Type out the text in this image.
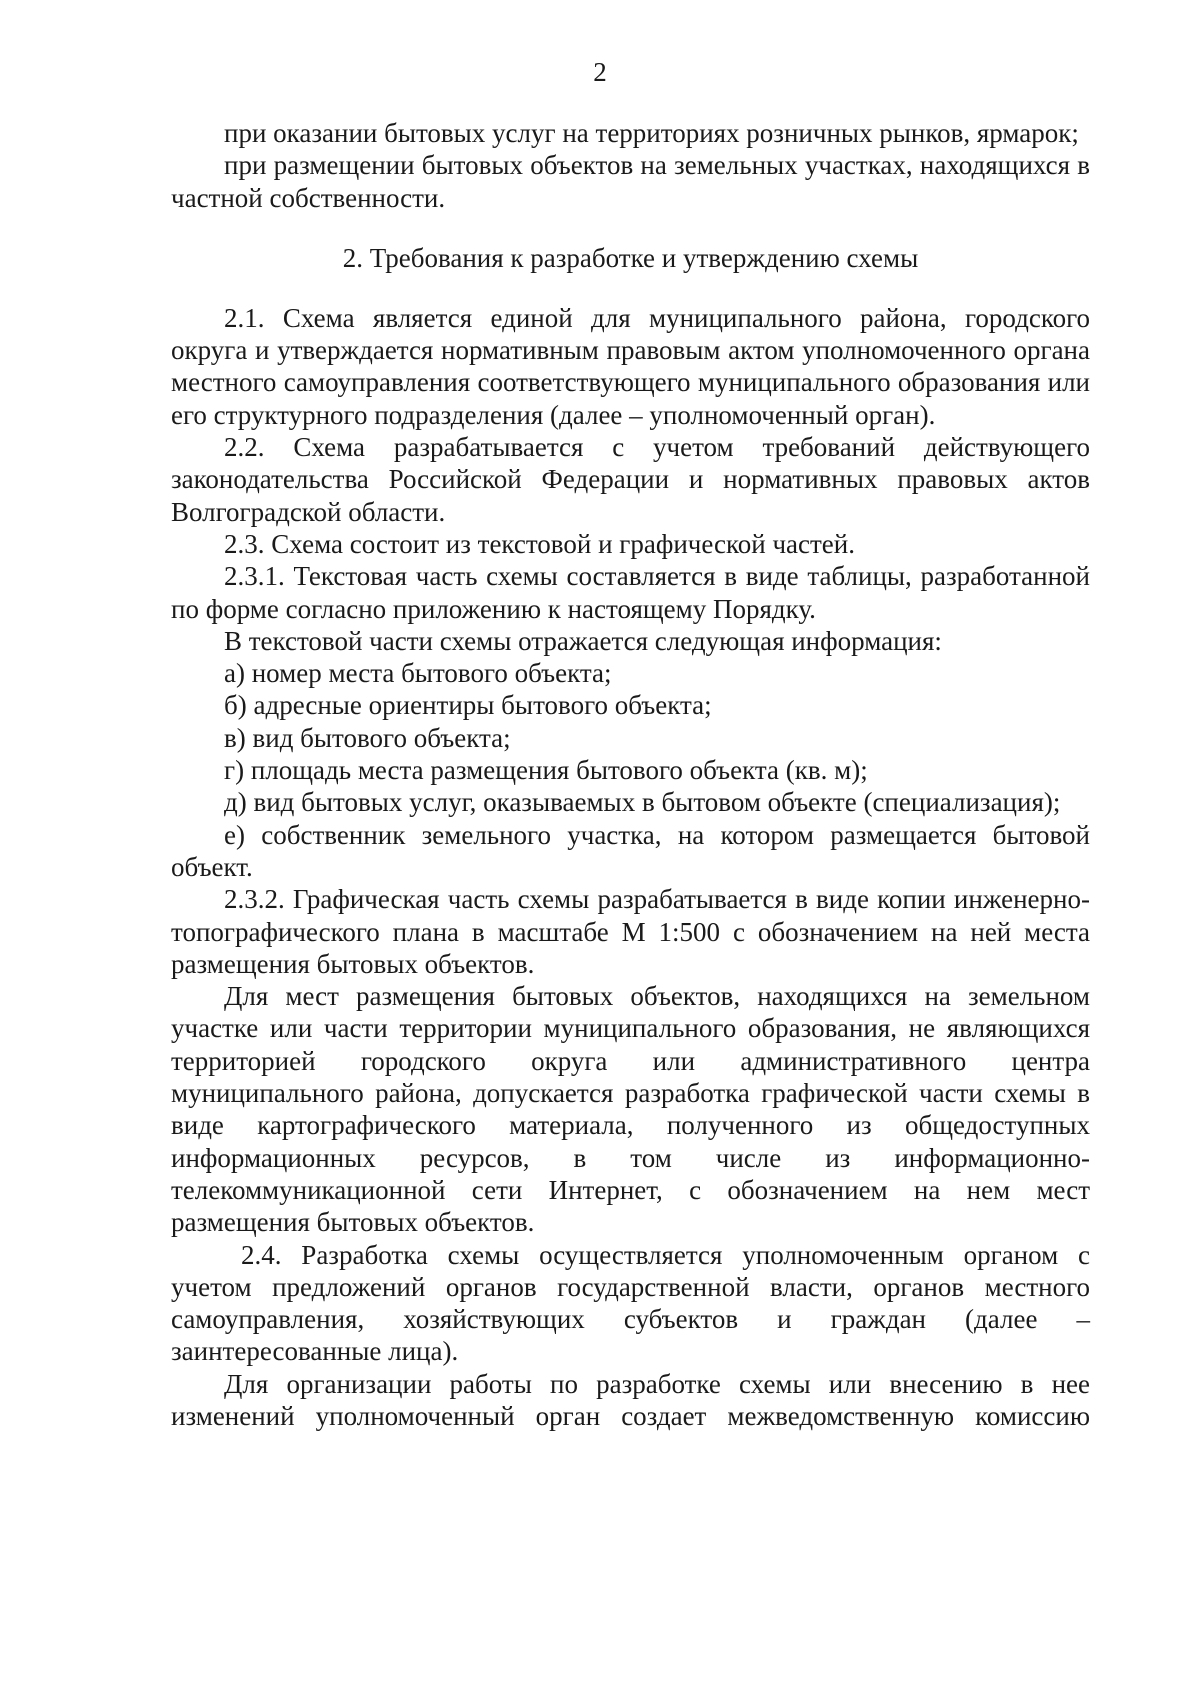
2

при оказании бытовых услуг на территориях розничных рынков, ярмарок;

при размещении бытовых объектов на земельных участках, находящихся в частной собственности.

2. Требования к разработке и утверждению схемы

2.1. Схема является единой для муниципального района, городского округа и утверждается нормативным правовым актом уполномоченного органа местного самоуправления соответствующего муниципального образования или его структурного подразделения (далее – уполномоченный орган).

2.2. Схема разрабатывается с учетом требований действующего законодательства Российской Федерации и нормативных правовых актов Волгоградской области.

2.3. Схема состоит из текстовой и графической частей.

2.3.1. Текстовая часть схемы составляется в виде таблицы, разработанной по форме согласно приложению к настоящему Порядку.

В текстовой части схемы отражается следующая информация:

а) номер места бытового объекта;

б) адресные ориентиры бытового объекта;

в) вид бытового объекта;

г) площадь места размещения бытового объекта (кв. м);

д) вид бытовых услуг, оказываемых в бытовом объекте (специализация);

е) собственник земельного участка, на котором размещается бытовой объект.

2.3.2. Графическая часть схемы разрабатывается в виде копии инженерно-топографического плана в масштабе М 1:500 с обозначением на ней места размещения бытовых объектов.

Для мест размещения бытовых объектов, находящихся на земельном участке или части территории муниципального образования, не являющихся территорией городского округа или административного центра муниципального района, допускается разработка графической части схемы в виде картографического материала, полученного из общедоступных информационных ресурсов, в том числе из информационно-телекоммуникационной сети Интернет, с обозначением на нем мест размещения бытовых объектов.

2.4. Разработка схемы осуществляется уполномоченным органом с учетом предложений органов государственной власти, органов местного самоуправления, хозяйствующих субъектов и граждан (далее – заинтересованные лица).

Для организации работы по разработке схемы или внесению в нее изменений уполномоченный орган создает межведомственную комиссию
